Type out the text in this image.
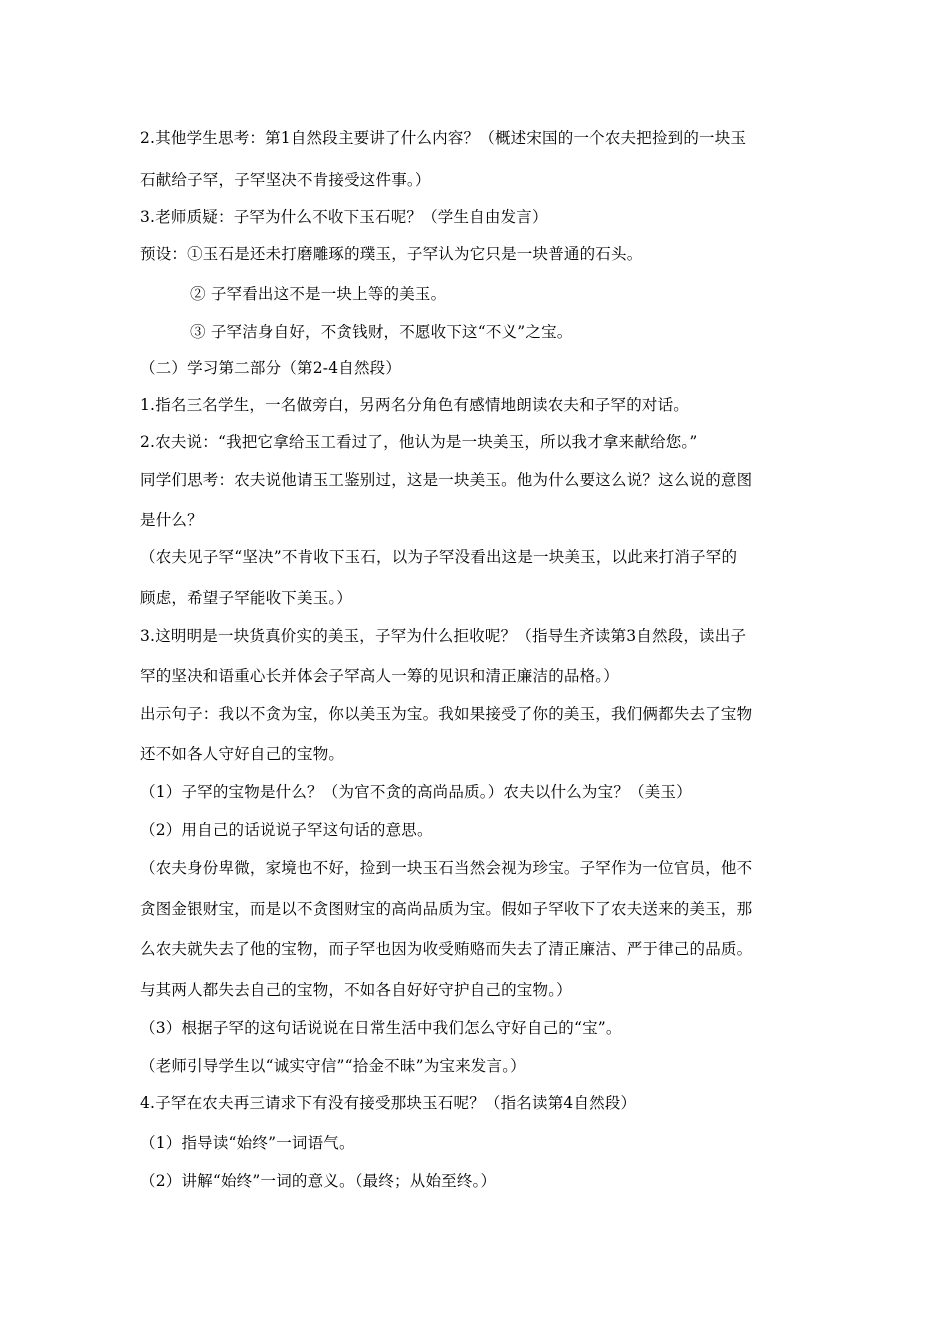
2.其他学生思考：第1自然段主要讲了什么内容？（概述宋国的一个农夫把捡到的一块玉
石献给子罕，子罕坚决不肯接受这件事。）
3.老师质疑：子罕为什么不收下玉石呢？（学生自由发言）
预设：①玉石是还未打磨雕琢的璞玉，子罕认为它只是一块普通的石头。
② 子罕看出这不是一块上等的美玉。
③ 子罕洁身自好，不贪钱财，不愿收下这“不义”之宝。
（二）学习第二部分（第2-4自然段）
1.指名三名学生，一名做旁白，另两名分角色有感情地朗读农夫和子罕的对话。
2.农夫说：“我把它拿给玉工看过了，他认为是一块美玉，所以我才拿来献给您。”
同学们思考：农夫说他请玉工鉴别过，这是一块美玉。他为什么要这么说？这么说的意图
是什么？
（农夫见子罕“坚决”不肯收下玉石，以为子罕没看出这是一块美玉，以此来打消子罕的
顾虑，希望子罕能收下美玉。）
3.这明明是一块货真价实的美玉，子罕为什么拒收呢？（指导生齐读第3自然段，读出子
罕的坚决和语重心长并体会子罕高人一筹的见识和清正廉洁的品格。）
出示句子：我以不贪为宝，你以美玉为宝。我如果接受了你的美玉，我们俩都失去了宝物
还不如各人守好自己的宝物。
（1）子罕的宝物是什么？（为官不贪的高尚品质。）农夫以什么为宝？（美玉）
（2）用自己的话说说子罕这句话的意思。
（农夫身份卑微，家境也不好，捡到一块玉石当然会视为珍宝。子罕作为一位官员，他不
贪图金银财宝，而是以不贪图财宝的高尚品质为宝。假如子罕收下了农夫送来的美玉，那
么农夫就失去了他的宝物，而子罕也因为收受贿赂而失去了清正廉洁、严于律己的品质。
与其两人都失去自己的宝物，不如各自好好守护自己的宝物。）
（3）根据子罕的这句话说说在日常生活中我们怎么守好自己的“宝”。
（老师引导学生以“诚实守信”“拾金不昧”为宝来发言。）
4.子罕在农夫再三请求下有没有接受那块玉石呢？（指名读第4自然段）
（1）指导读“始终”一词语气。
（2）讲解“始终”一词的意义。（最终；从始至终。）
